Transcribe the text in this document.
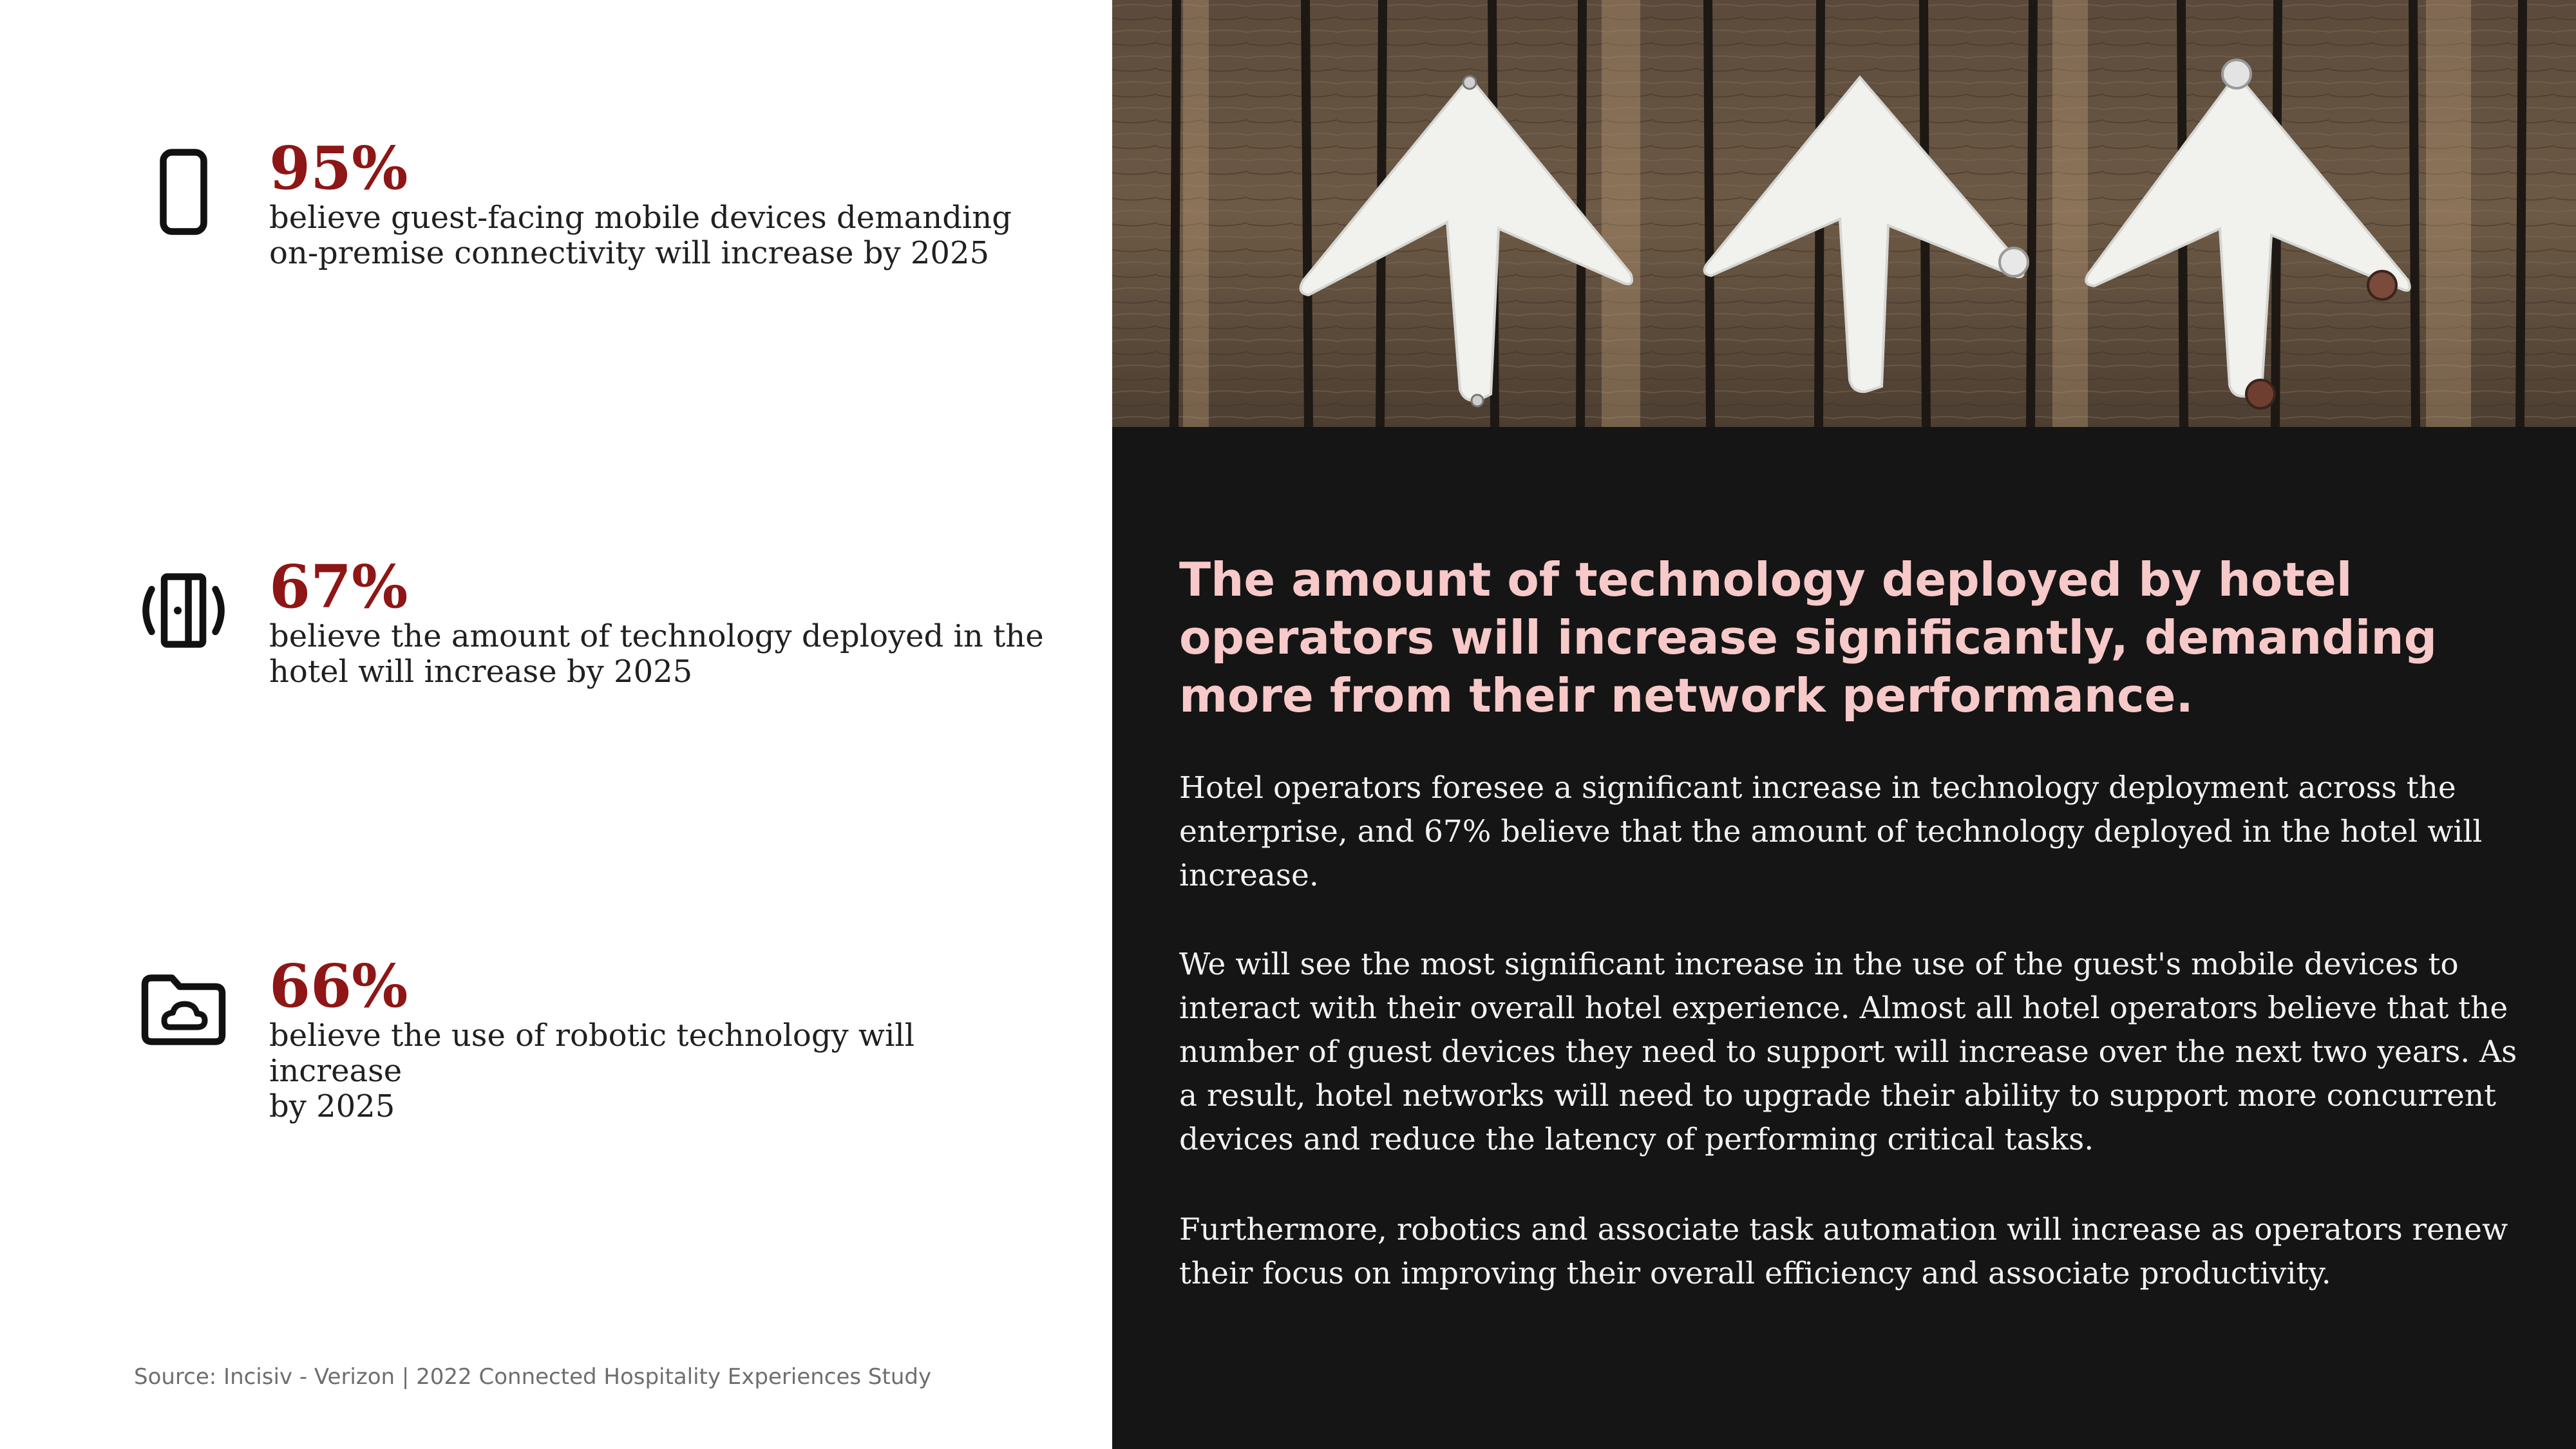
95%
believe guest-facing mobile devices demanding
on-premise connectivity will increase by 2025
67%
believe the amount of technology deployed in the
hotel will increase by 2025
66%
believe the use of robotic technology will increase
by 2025
Source: Incisiv - Verizon | 2022 Connected Hospitality Experiences Study
The amount of technology deployed by hotel
operators will increase significantly, demanding
more from their network performance.
Hotel operators foresee a significant increase in technology deployment across the
enterprise, and 67% believe that the amount of technology deployed in the hotel will
increase.
We will see the most significant increase in the use of the guest's mobile devices to
interact with their overall hotel experience. Almost all hotel operators believe that the
number of guest devices they need to support will increase over the next two years. As
a result, hotel networks will need to upgrade their ability to support more concurrent
devices and reduce the latency of performing critical tasks.
Furthermore, robotics and associate task automation will increase as operators renew
their focus on improving their overall efficiency and associate productivity.
